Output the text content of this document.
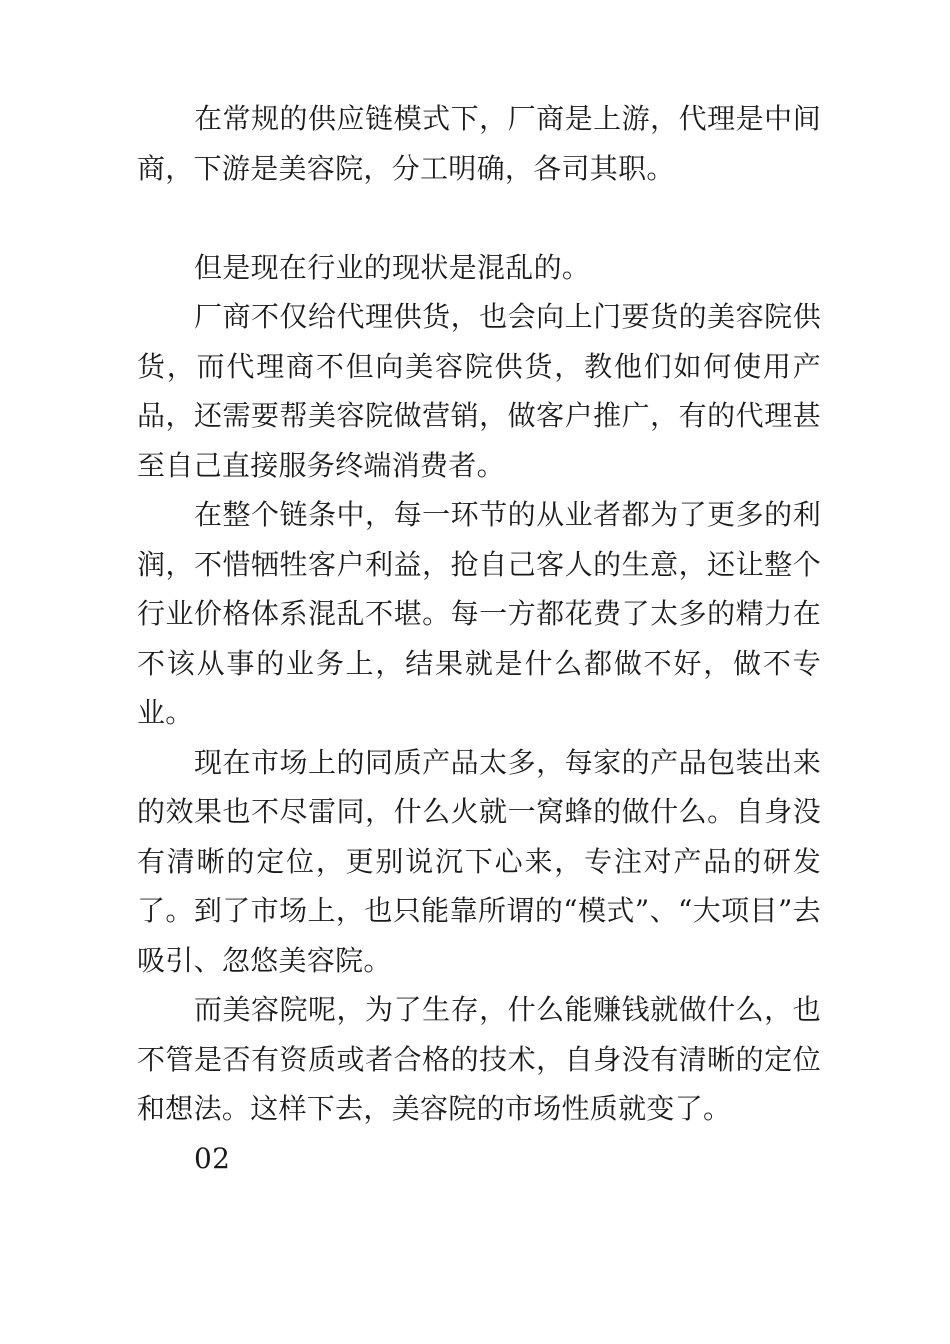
在常规的供应链模式下，厂商是上游，代理是中间商，下游是美容院，分工明确，各司其职。

但是现在行业的现状是混乱的。

厂商不仅给代理供货，也会向上门要货的美容院供货，而代理商不但向美容院供货，教他们如何使用产品，还需要帮美容院做营销，做客户推广，有的代理甚至自己直接服务终端消费者。

在整个链条中，每一环节的从业者都为了更多的利润，不惜牺牲客户利益，抢自己客人的生意，还让整个行业价格体系混乱不堪。每一方都花费了太多的精力在不该从事的业务上，结果就是什么都做不好，做不专业。

现在市场上的同质产品太多，每家的产品包装出来的效果也不尽雷同，什么火就一窝蜂的做什么。自身没有清晰的定位，更别说沉下心来，专注对产品的研发了。到了市场上，也只能靠所谓的“模式”、“大项目”去吸引、忽悠美容院。

而美容院呢，为了生存，什么能赚钱就做什么，也不管是否有资质或者合格的技术，自身没有清晰的定位和想法。这样下去，美容院的市场性质就变了。

02
